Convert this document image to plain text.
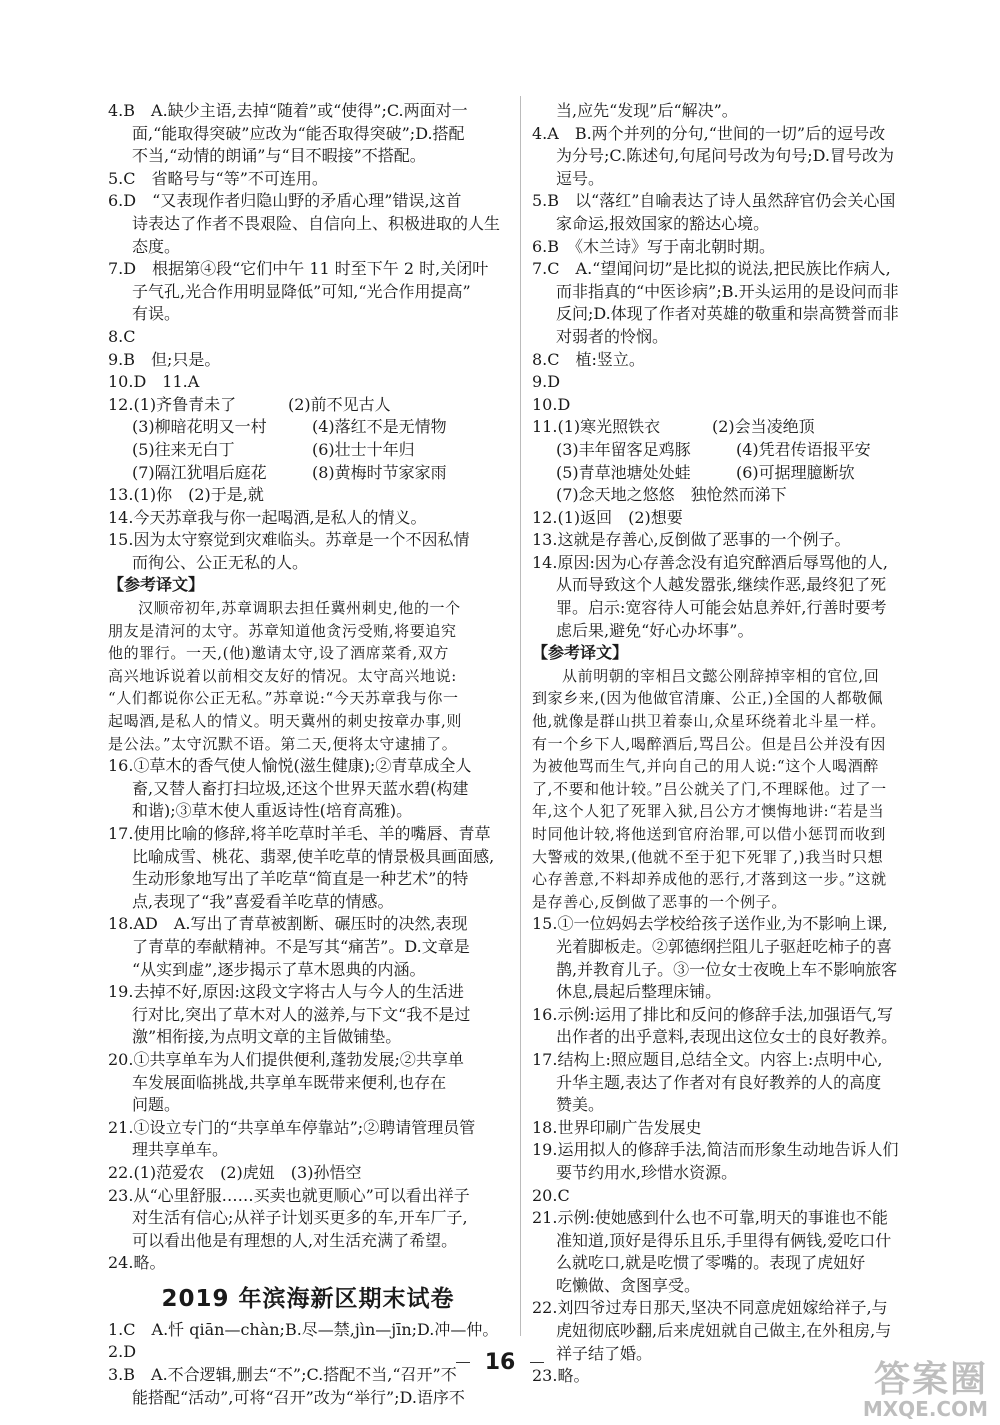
4.B　A.缺少主语,去掉“随着”或“使得”;C.两面对一
面,“能取得突破”应改为“能否取得突破”;D.搭配
不当,“动情的朗诵”与“目不暇接”不搭配。
5.C　省略号与“等”不可连用。
6.D　“又表现作者归隐山野的矛盾心理”错误,这首
诗表达了作者不畏艰险、自信向上、积极进取的人生
态度。
7.D　根据第④段“它们中午 11 时至下午 2 时,关闭叶
子气孔,光合作用明显降低”可知,“光合作用提高”
有误。
8.C
9.B　但;只是。
10.D　11.A
12.(1)齐鲁青未了	(2)前不见古人
(3)柳暗花明又一村	(4)落红不是无情物
(5)往来无白丁	(6)壮士十年归
(7)隔江犹唱后庭花	(8)黄梅时节家家雨
13.(1)你　(2)于是,就
14.今天苏章我与你一起喝酒,是私人的情义。
15.因为太守察觉到灾难临头。苏章是一个不因私情
而徇公、公正无私的人。
【参考译文】
汉顺帝初年,苏章调职去担任冀州刺史,他的一个
朋友是清河的太守。苏章知道他贪污受贿,将要追究
他的罪行。一天,(他)邀请太守,设了酒席菜肴,双方
高兴地诉说着以前相交友好的情况。太守高兴地说:
“人们都说你公正无私。”苏章说:“今天苏章我与你一
起喝酒,是私人的情义。明天冀州的刺史按章办事,则
是公法。”太守沉默不语。第二天,便将太守逮捕了。
16.①草木的香气使人愉悦(滋生健康);②青草成全人
畜,又替人畜打扫垃圾,还这个世界天蓝水碧(构建
和谐);③草木使人重返诗性(培育高雅)。
17.使用比喻的修辞,将羊吃草时羊毛、羊的嘴唇、青草
比喻成雪、桃花、翡翠,使羊吃草的情景极具画面感,
生动形象地写出了羊吃草“简直是一种艺术”的特
点,表现了“我”喜爱看羊吃草的情感。
18.AD　A.写出了青草被割断、碾压时的决然,表现
了青草的奉献精神。不是写其“痛苦”。D.文章是
“从实到虚”,逐步揭示了草木恩典的内涵。
19.去掉不好,原因:这段文字将古人与今人的生活进
行对比,突出了草木对人的滋养,与下文“我不是过
激”相衔接,为点明文章的主旨做铺垫。
20.①共享单车为人们提供便利,蓬勃发展;②共享单
车发展面临挑战,共享单车既带来便利,也存在
问题。
21.①设立专门的“共享单车停靠站”;②聘请管理员管
理共享单车。
22.(1)范爱农　(2)虎妞　(3)孙悟空
23.从“心里舒服……买卖也就更顺心”可以看出祥子
对生活有信心;从祥子计划买更多的车,开车厂子,
可以看出他是有理想的人,对生活充满了希望。
24.略。
2019 年滨海新区期末试卷
1.C　A.忏 qiān—chàn;B.尽—禁,jìn—jīn;D.冲—仲。
2.D
3.B　A.不合逻辑,删去“不”;C.搭配不当,“召开”不
能搭配“活动”,可将“召开”改为“举行”;D.语序不
当,应先“发现”后“解决”。
4.A　B.两个并列的分句,“世间的一切”后的逗号改
为分号;C.陈述句,句尾问号改为句号;D.冒号改为
逗号。
5.B　以“落红”自喻表达了诗人虽然辞官仍会关心国
家命运,报效国家的豁达心境。
6.B　《木兰诗》写于南北朝时期。
7.C　A.“望闻问切”是比拟的说法,把民族比作病人,
而非指真的“中医诊病”;B.开头运用的是设问而非
反问;D.体现了作者对英雄的敬重和崇高赞誉而非
对弱者的怜悯。
8.C　植:竖立。
9.D
10.D
11.(1)寒光照铁衣	(2)会当凌绝顶
(3)丰年留客足鸡豚	(4)凭君传语报平安
(5)青草池塘处处蛙	(6)可据理臆断欤
(7)念天地之悠悠　独怆然而涕下
12.(1)返回　(2)想要
13.这就是存善心,反倒做了恶事的一个例子。
14.原因:因为心存善念没有追究醉酒后辱骂他的人,
从而导致这个人越发嚣张,继续作恶,最终犯了死
罪。启示:宽容待人可能会姑息养奸,行善时要考
虑后果,避免“好心办坏事”。
【参考译文】
从前明朝的宰相吕文懿公刚辞掉宰相的官位,回
到家乡来,(因为他做官清廉、公正,)全国的人都敬佩
他,就像是群山拱卫着泰山,众星环绕着北斗星一样。
有一个乡下人,喝醉酒后,骂吕公。但是吕公并没有因
为被他骂而生气,并向自己的用人说:“这个人喝酒醉
了,不要和他计较。”吕公就关了门,不理睬他。过了一
年,这个人犯了死罪入狱,吕公方才懊悔地讲:“若是当
时同他计较,将他送到官府治罪,可以借小惩罚而收到
大警戒的效果,(他就不至于犯下死罪了,)我当时只想
心存善意,不料却养成他的恶行,才落到这一步。”这就
是存善心,反倒做了恶事的一个例子。
15.①一位妈妈去学校给孩子送作业,为不影响上课,
光着脚板走。②郭德纲拦阻儿子驱赶吃柿子的喜
鹊,并教育儿子。③一位女士夜晚上车不影响旅客
休息,晨起后整理床铺。
16.示例:运用了排比和反问的修辞手法,加强语气,写
出作者的出乎意料,表现出这位女士的良好教养。
17.结构上:照应题目,总结全文。内容上:点明中心,
升华主题,表达了作者对有良好教养的人的高度
赞美。
18.世界印刷广告发展史
19.运用拟人的修辞手法,简洁而形象生动地告诉人们
要节约用水,珍惜水资源。
20.C
21.示例:使她感到什么也不可靠,明天的事谁也不能
准知道,顶好是得乐且乐,手里得有俩钱,爱吃口什
么就吃口,就是吃惯了零嘴的。表现了虎妞好
吃懒做、贪图享受。
22.刘四爷过寿日那天,坚决不同意虎妞嫁给祥子,与
虎妞彻底吵翻,后来虎妞就自己做主,在外租房,与
祥子结了婚。
23.略。
16	答案圈
MXQE.COM
